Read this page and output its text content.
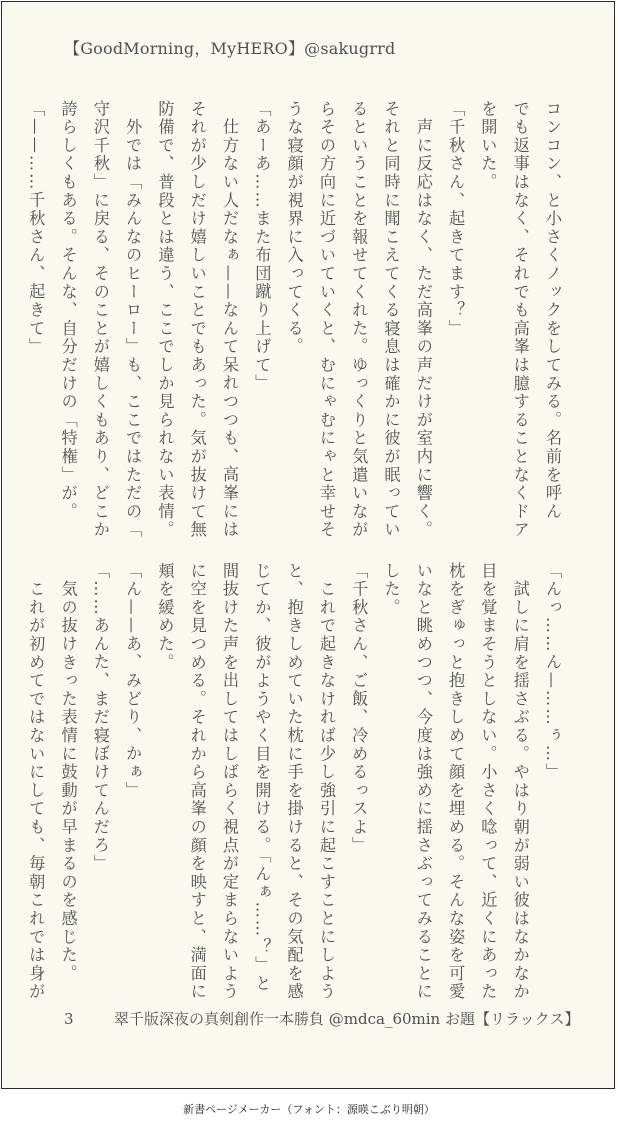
【GoodMorning，MyHERO】@sakugrrd

コンコン、と小さくノックをしてみる。名前を呼ん

でも返事はなく、それでも高峯は臆することなくドア

を開いた。

「千秋さん、起きてます？」

　声に反応はなく、ただ高峯の声だけが室内に響く。

それと同時に聞こえてくる寝息は確かに彼が眠ってい

るということを報せてくれた。ゆっくりと気遣いなが

らその方向に近づいていくと、むにゃむにゃと幸せそ

うな寝顔が視界に入ってくる。

「あーあ……また布団蹴り上げて」

　仕方ない人だなぁ——なんて呆れつつも、高峯には

それが少しだけ嬉しいことでもあった。気が抜けて無

防備で、普段とは違う、ここでしか見られない表情。

　外では「みんなのヒーロー」も、ここではただの「

守沢千秋」に戻る、そのことが嬉しくもあり、どこか

誇らしくもある。そんな、自分だけの「特権」が。

「——……千秋さん、起きて」

「んっ……ん—……ぅ…」

　試しに肩を揺さぶる。やはり朝が弱い彼はなかなか

目を覚まそうとしない。小さく唸って、近くにあった

枕をぎゅっと抱きしめて顔を埋める。そんな姿を可愛

いなと眺めつつ、今度は強めに揺さぶってみることに

した。

「千秋さん、ご飯、冷めるっスよ」

　これで起きなければ少し強引に起こすことにしよう

と、抱きしめていた枕に手を掛けると、その気配を感

じてか、彼がようやく目を開ける。「んぁ……？」と

間抜けた声を出してはしばらく視点が定まらないよう

に空を見つめる。それから高峯の顔を映すと、満面に

頬を緩めた。

「ん——あ、みどり、かぁ」

「……あんた、まだ寝ぼけてんだろ」

　気の抜けきった表情に鼓動が早まるのを感じた。

　これが初めてではないにしても、毎朝これでは身が

3	翠千版深夜の真剣創作一本勝負 @mdca_60min お題【リラックス】
新書ページメーカー（フォント：源暎こぶり明朝）
